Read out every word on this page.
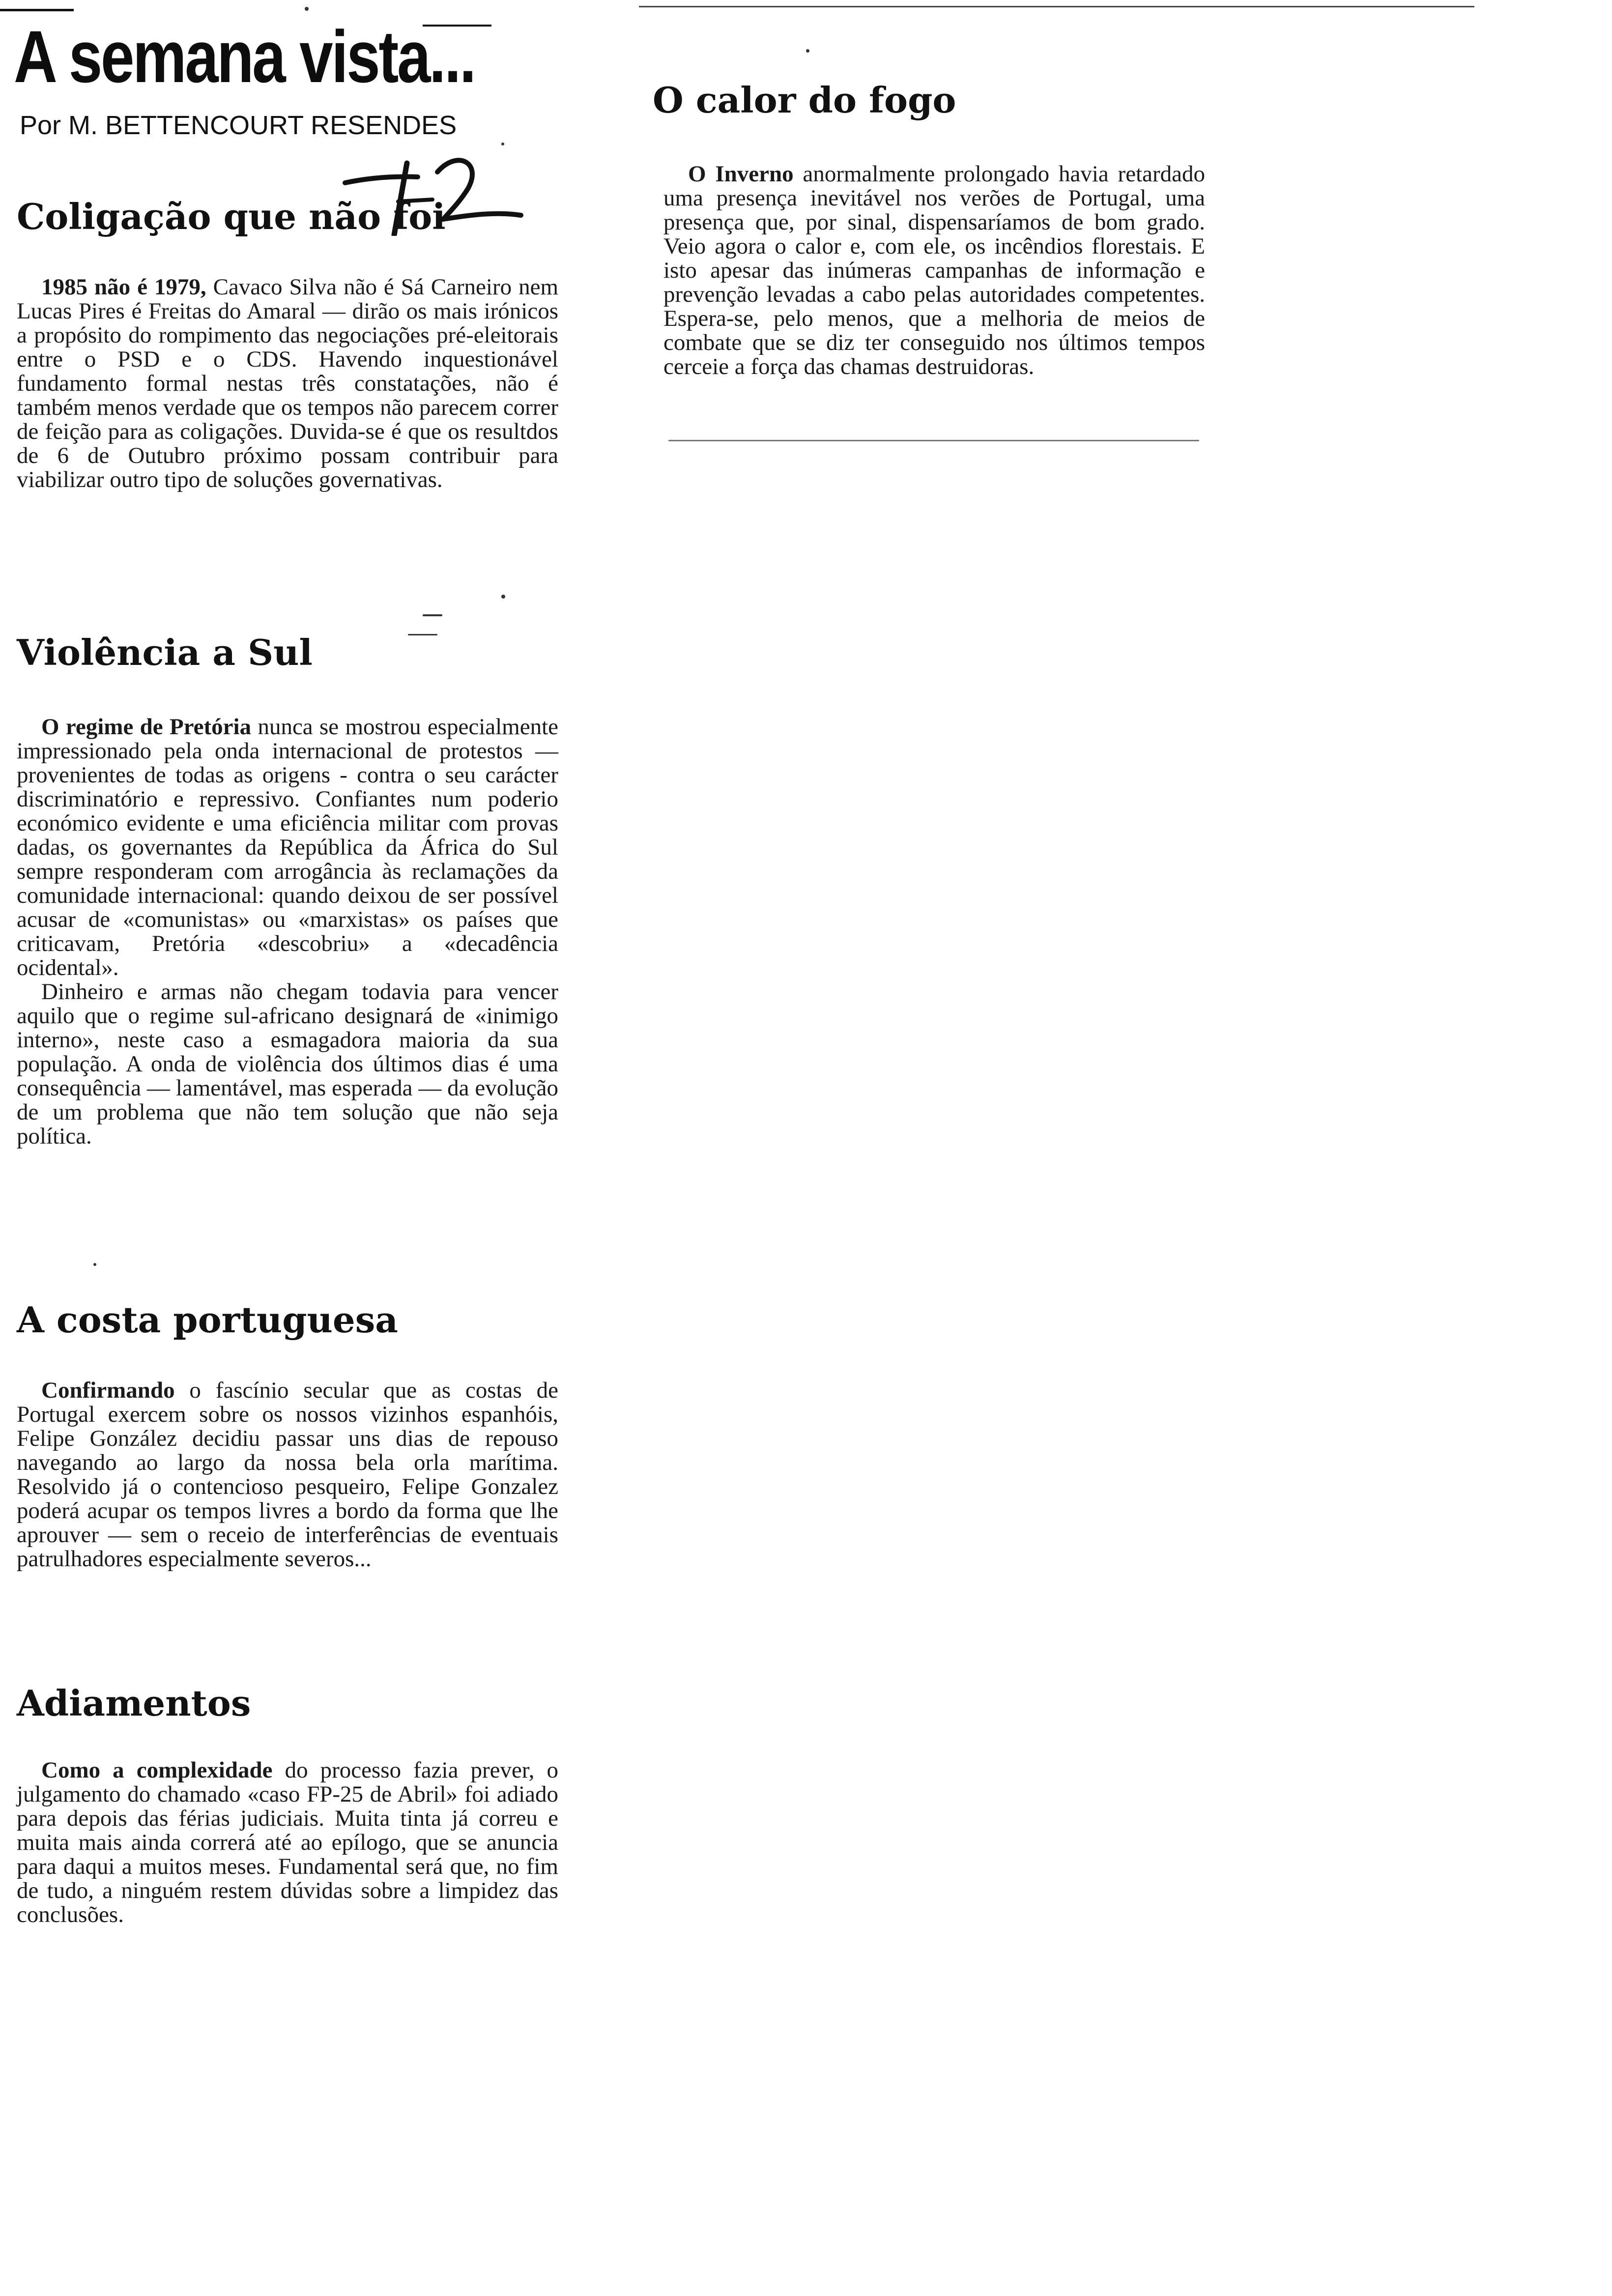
A semana vista...
Por M. BETTENCOURT RESENDES
Coligação que não foi

1985 não é 1979, Cavaco Silva não é Sá Carneiro nem Lucas Pires é Freitas do Amaral — dirão os mais irónicos a propósito do rompimento das negociações pré-eleitorais entre o PSD e o CDS. Havendo inquestionável fundamento formal nestas três constatações, não é também menos verdade que os tempos não parecem correr de feição para as coligações. Duvida-se é que os resultdos de 6 de Outubro próximo possam contribuir para viabilizar outro tipo de soluções governativas.

Violência a Sul

O regime de Pretória nunca se mostrou especialmente impressionado pela onda internacional de protestos — provenientes de todas as origens - contra o seu carácter discriminatório e repressivo. Confiantes num poderio económico evidente e uma eficiência militar com provas dadas, os governantes da República da África do Sul sempre responderam com arrogância às reclamações da comunidade internacional: quando deixou de ser possível acusar de «comunistas» ou «marxistas» os países que criticavam, Pretória «descobriu» a «decadência ocidental».

Dinheiro e armas não chegam todavia para vencer aquilo que o regime sul-africano designará de «inimigo interno», neste caso a esmagadora maioria da sua população. A onda de violência dos últimos dias é uma consequência — lamentável, mas esperada — da evolução de um problema que não tem solução que não seja política.

A costa portuguesa

Confirmando o fascínio secular que as costas de Portugal exercem sobre os nossos vizinhos espanhóis, Felipe González decidiu passar uns dias de repouso navegando ao largo da nossa bela orla marítima. Resolvido já o contencioso pesqueiro, Felipe Gonzalez poderá acupar os tempos livres a bordo da forma que lhe aprouver — sem o receio de interferências de eventuais patrulhadores especialmente severos...

Adiamentos

Como a complexidade do processo fazia prever, o julgamento do chamado «caso FP-25 de Abril» foi adiado para depois das férias judiciais. Muita tinta já correu e muita mais ainda correrá até ao epílogo, que se anuncia para daqui a muitos meses. Fundamental será que, no fim de tudo, a ninguém restem dúvidas sobre a limpidez das conclusões.

O calor do fogo

O Inverno anormalmente prolongado havia retardado uma presença inevitável nos verões de Portugal, uma presença que, por sinal, dispensaríamos de bom grado. Veio agora o calor e, com ele, os incêndios florestais. E isto apesar das inúmeras campanhas de informação e prevenção levadas a cabo pelas autoridades competentes. Espera-se, pelo menos, que a melhoria de meios de combate que se diz ter conseguido nos últimos tempos cerceie a força das chamas destruidoras.
